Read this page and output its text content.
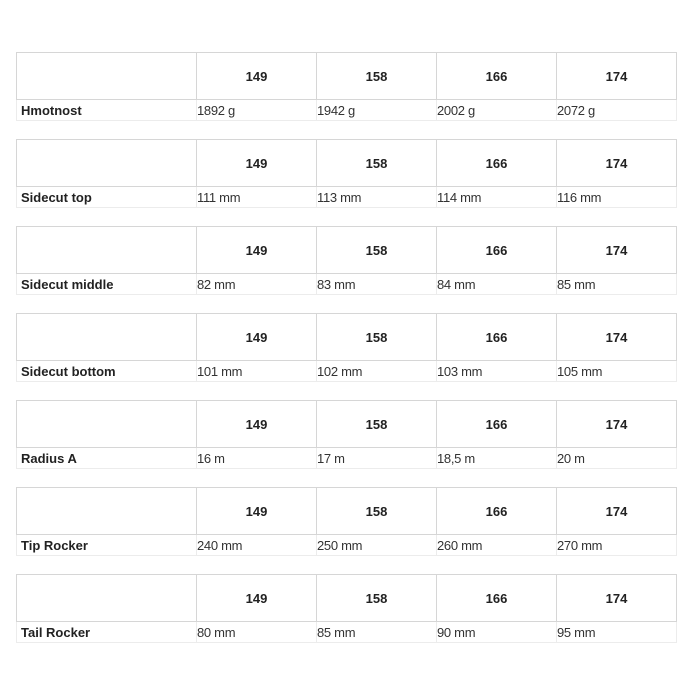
	149	158	166	174
Hmotnost	1892 g	1942 g	2002 g	2072 g
	149	158	166	174
Sidecut top	111 mm	113 mm	114 mm	116 mm
	149	158	166	174
Sidecut middle	82 mm	83 mm	84 mm	85 mm
	149	158	166	174
Sidecut bottom	101 mm	102 mm	103 mm	105 mm
	149	158	166	174
Radius A	16 m	17 m	18,5 m	20 m
	149	158	166	174
Tip Rocker	240 mm	250 mm	260 mm	270 mm
	149	158	166	174
Tail Rocker	80 mm	85 mm	90 mm	95 mm
